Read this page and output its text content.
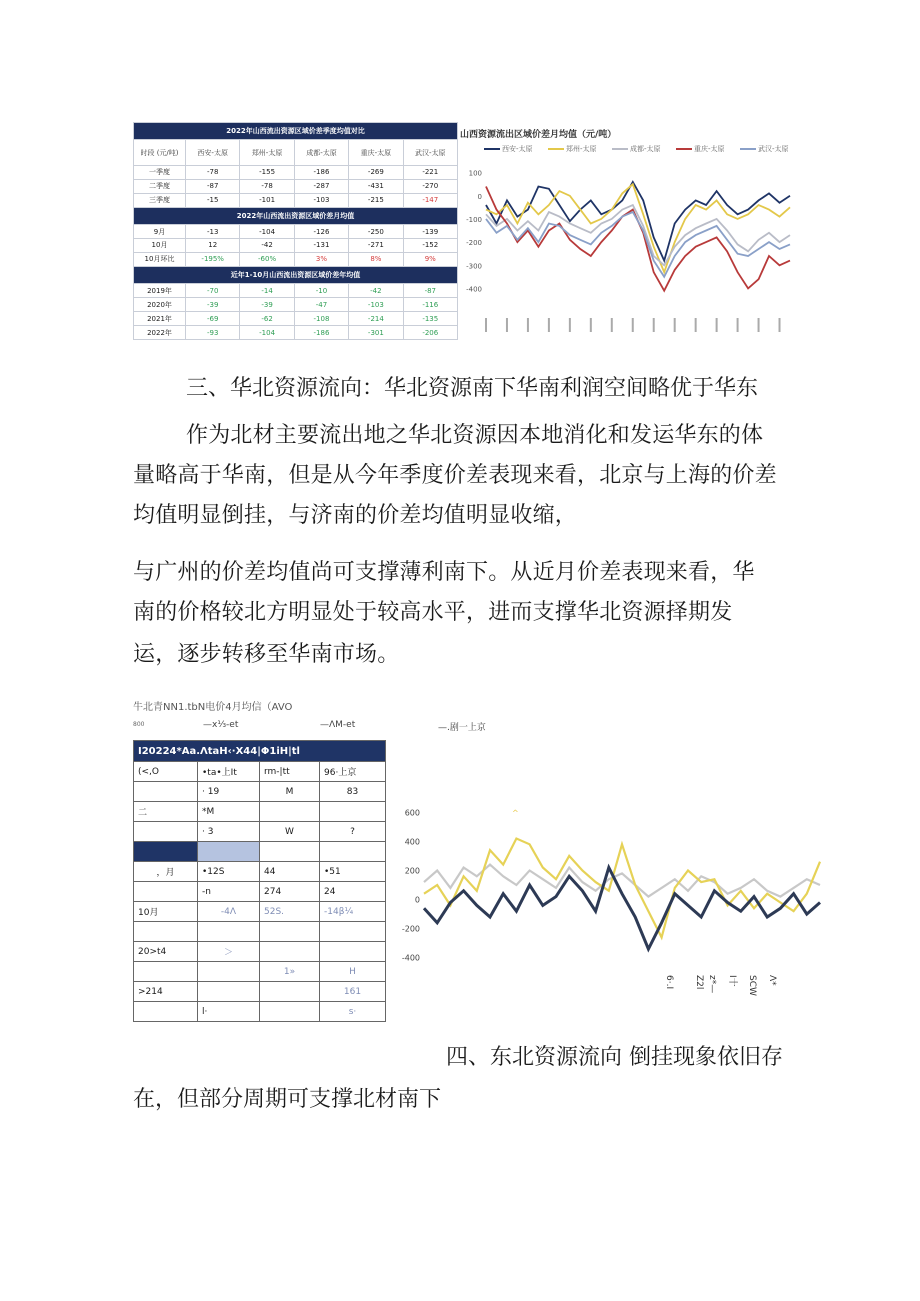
2022年山西流出资源区域价差季度均值对比					
时段 (元/吨)	西安-太原	郑州-太原	成都-太原	重庆-太原	武汉-太原
一季度	-78	-155	-186	-269	-221
二季度	-87	-78	-287	-431	-270
三季度	-15	-101	-103	-215	-147
2022年山西流出资源区域价差月均值					
9月	-13	-104	-126	-250	-139
10月	12	-42	-131	-271	-152
10月环比	-195%	-60%	3%	8%	9%
近年1-10月山西流出资源区域价差年均值					
2019年	-70	-14	-10	-42	-87
2020年	-39	-39	-47	-103	-116
2021年	-69	-62	-108	-214	-135
2022年	-93	-104	-186	-301	-206
山西资源流出区域价差月均值（元/吨）
西安-太原	郑州-太原	成都-太原	重庆-太原	武汉-太原
100
0
-100
-200
-300
-400
三、华北资源流向：华北资源南下华南利润空间略优于华东
作为北材主要流出地之华北资源因本地消化和发运华东的体
量略高于华南，但是从今年季度价差表现来看，北京与上海的价差
均值明显倒挂，与济南的价差均值明显收缩，
与广州的价差均值尚可支撑薄利南下。从近月价差表现来看，华
南的价格较北方明显处于较高水平，进而支撑华北资源择期发
运，逐步转移至华南市场。
牛北青NN1.tbN电价4月均信（AVO
800	—x⅓-et	—ΛM-et	—.剧一上京
I20224*Aa.ΛtaH‹·X44|Φ1iH|tl			
(<,O	•ta•上It	rm-|tt	96·上京
	· 19	M	83
二	*M		
	· 3	W	?

，月	•12S	44	•51
	-n	274	24
10月	-4Λ	52S.	-14β¼

20>t4	＞		
		1»	H
>214			161
	l·		s·
600
400
200
0
-200
-400
^
6·.I Z2l z*— I十 SCW Λ*
四、东北资源流向 倒挂现象依旧存
在，但部分周期可支撑北材南下
